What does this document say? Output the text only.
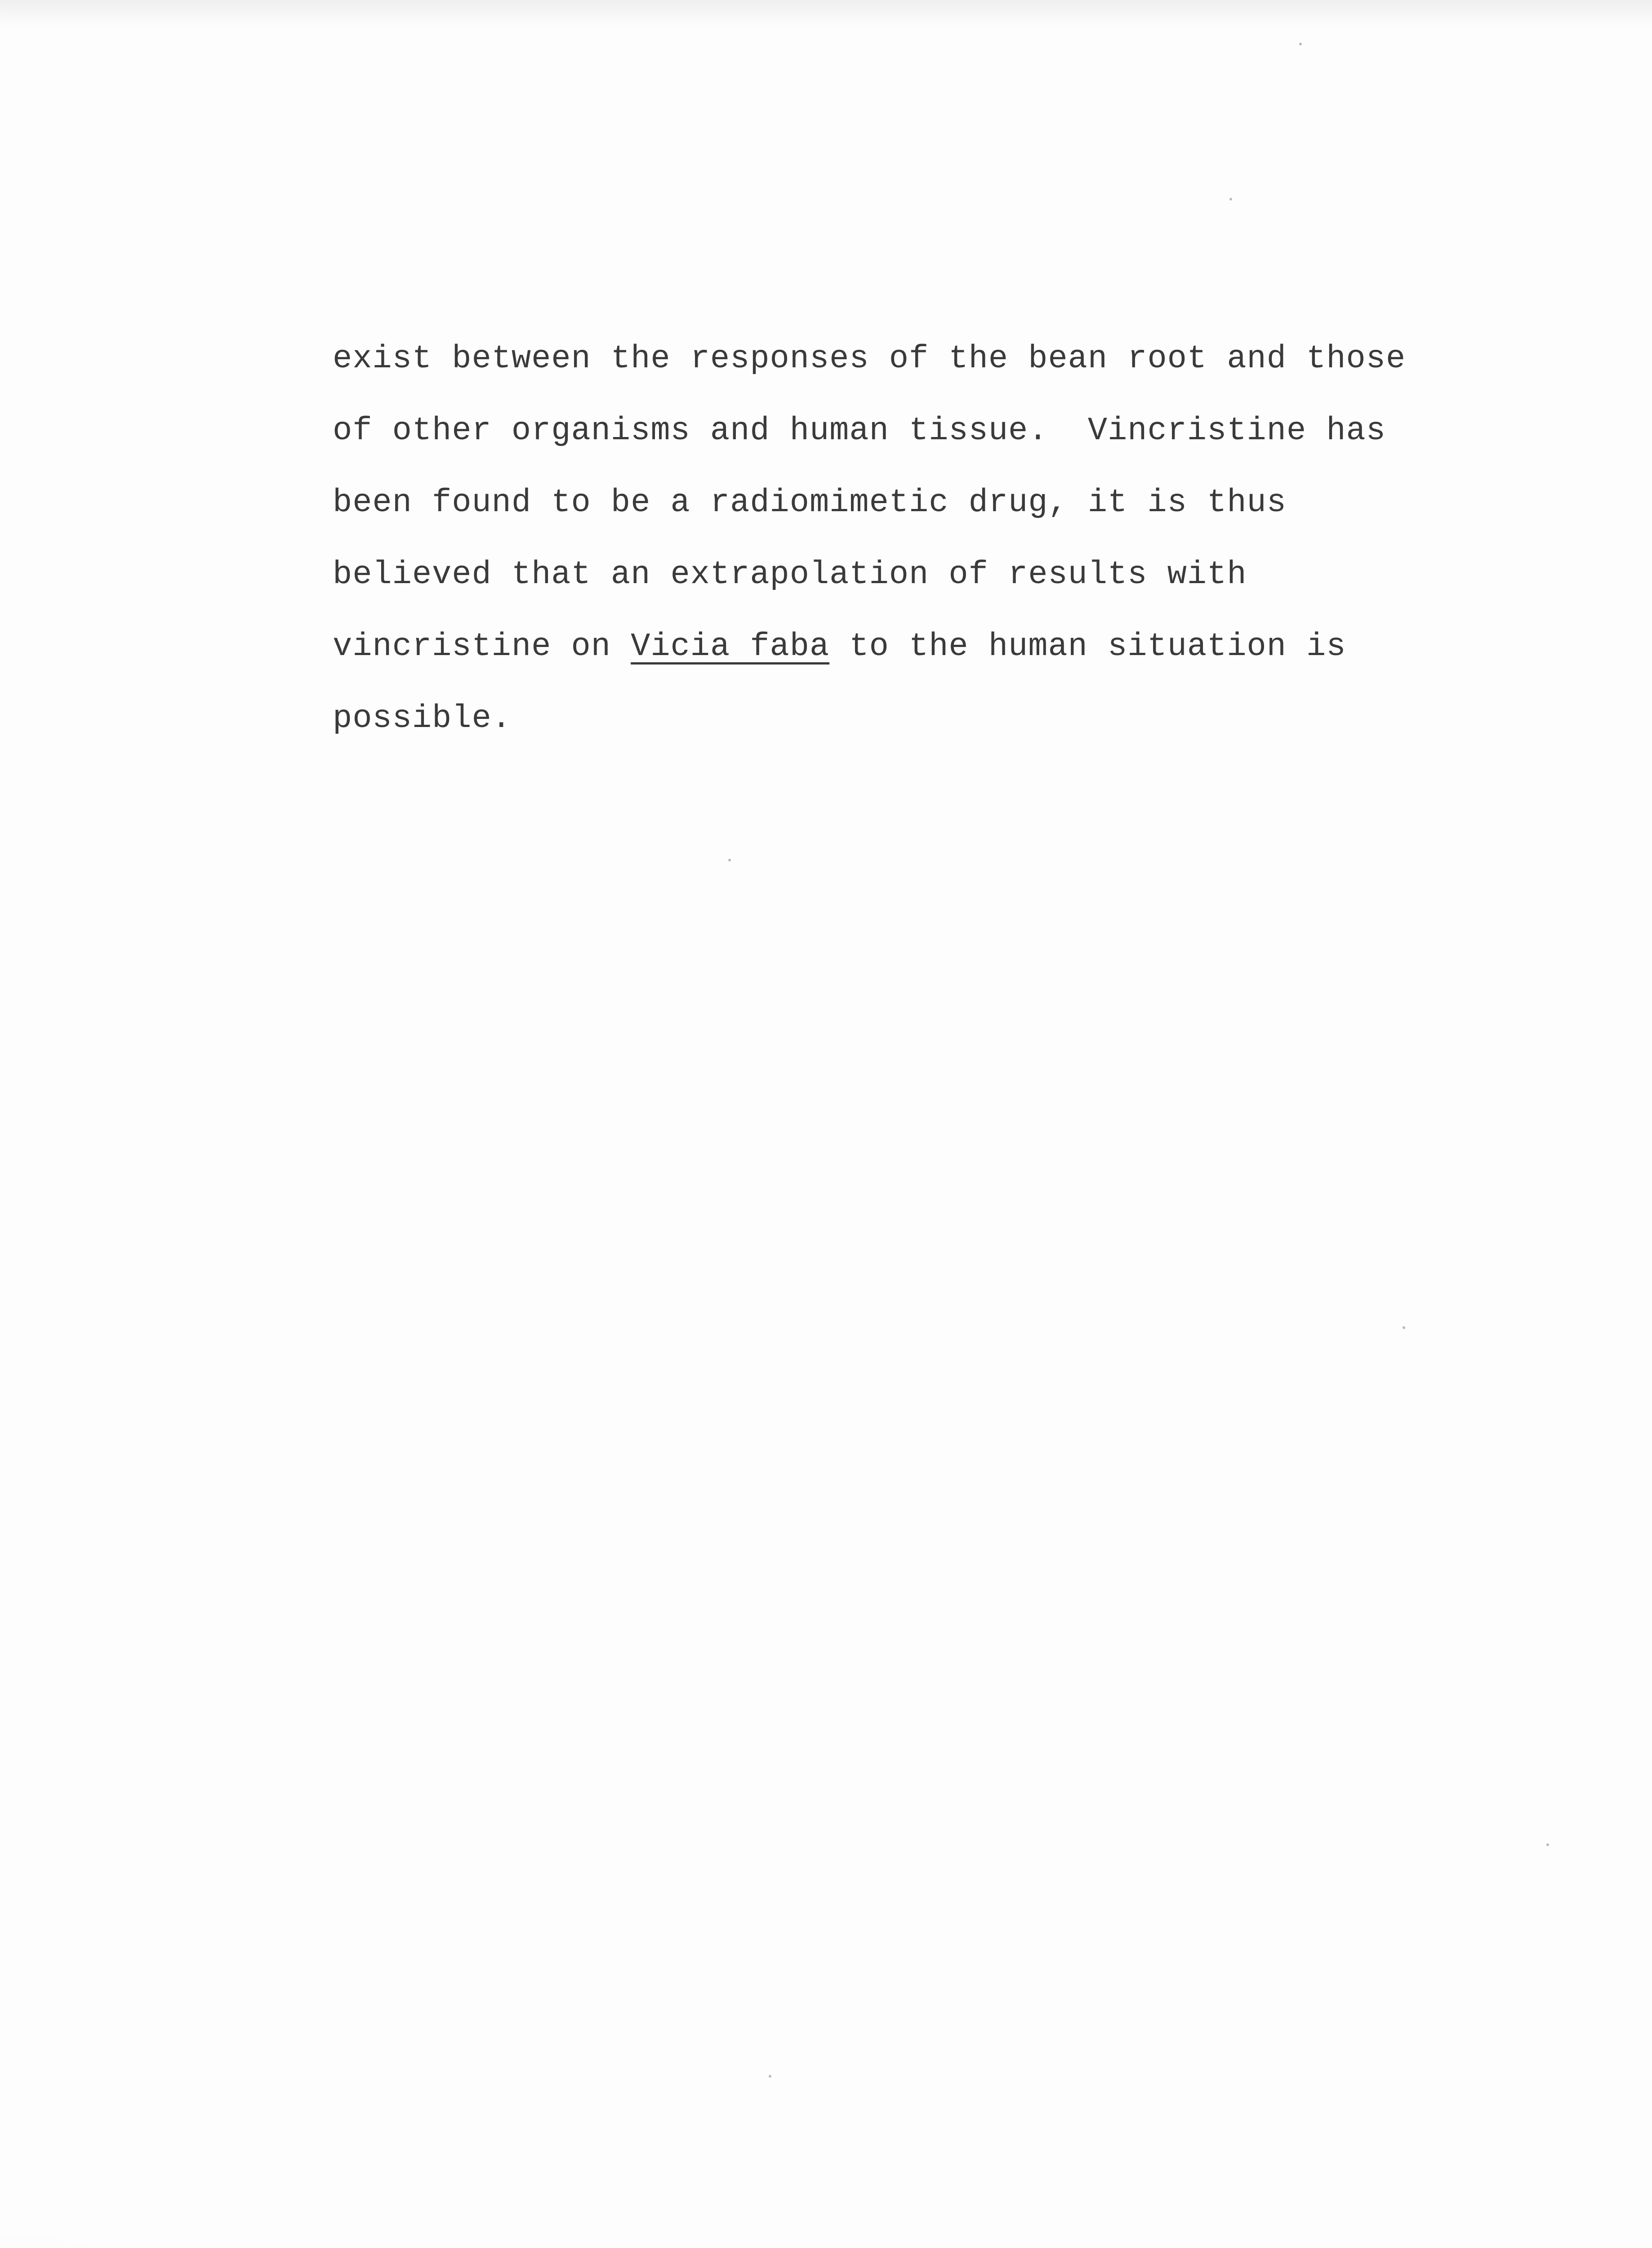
exist between the responses of the bean root and those
of other organisms and human tissue.  Vincristine has
been found to be a radiomimetic drug, it is thus
believed that an extrapolation of results with
vincristine on Vicia faba to the human situation is
possible.
